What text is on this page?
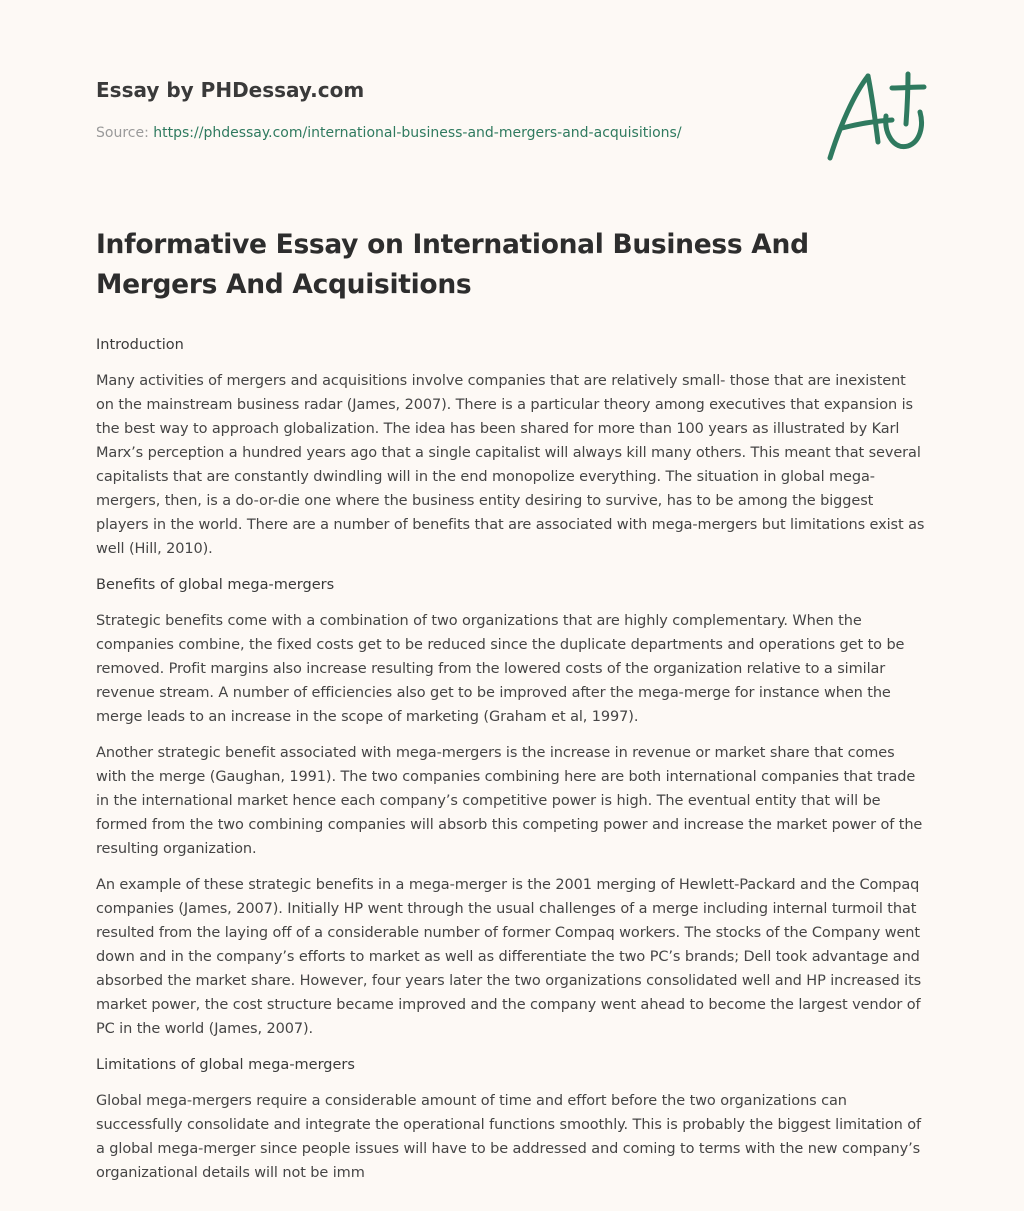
Essay by PHDessay.com
Source: https://phdessay.com/international-business-and-mergers-and-acquisitions/
Informative Essay on International Business And Mergers And Acquisitions

Introduction

Many activities of mergers and acquisitions involve companies that are relatively small- those that are inexistent on the mainstream business radar (James, 2007). There is a particular theory among executives that expansion is the best way to approach globalization. The idea has been shared for more than 100 years as illustrated by Karl Marx’s perception a hundred years ago that a single capitalist will always kill many others. This meant that several capitalists that are constantly dwindling will in the end monopolize everything. The situation in global mega-mergers, then, is a do-or-die one where the business entity desiring to survive, has to be among the biggest players in the world. There are a number of benefits that are associated with mega-mergers but limitations exist as well (Hill, 2010).

Benefits of global mega-mergers

Strategic benefits come with a combination of two organizations that are highly complementary. When the companies combine, the fixed costs get to be reduced since the duplicate departments and operations get to be removed. Profit margins also increase resulting from the lowered costs of the organization relative to a similar revenue stream. A number of efficiencies also get to be improved after the mega-merge for instance when the merge leads to an increase in the scope of marketing (Graham et al, 1997).

Another strategic benefit associated with mega-mergers is the increase in revenue or market share that comes with the merge (Gaughan, 1991). The two companies combining here are both international companies that trade in the international market hence each company’s competitive power is high. The eventual entity that will be formed from the two combining companies will absorb this competing power and increase the market power of the resulting organization.

An example of these strategic benefits in a mega-merger is the 2001 merging of Hewlett-Packard and the Compaq companies (James, 2007). Initially HP went through the usual challenges of a merge including internal turmoil that resulted from the laying off of a considerable number of former Compaq workers. The stocks of the Company went down and in the company’s efforts to market as well as differentiate the two PC’s brands; Dell took advantage and absorbed the market share. However, four years later the two organizations consolidated well and HP increased its market power, the cost structure became improved and the company went ahead to become the largest vendor of PC in the world (James, 2007).

Limitations of global mega-mergers

Global mega-mergers require a considerable amount of time and effort before the two organizations can successfully consolidate and integrate the operational functions smoothly. This is probably the biggest limitation of a global mega-merger since people issues will have to be addressed and coming to terms with the new company’s organizational details will not be imm
